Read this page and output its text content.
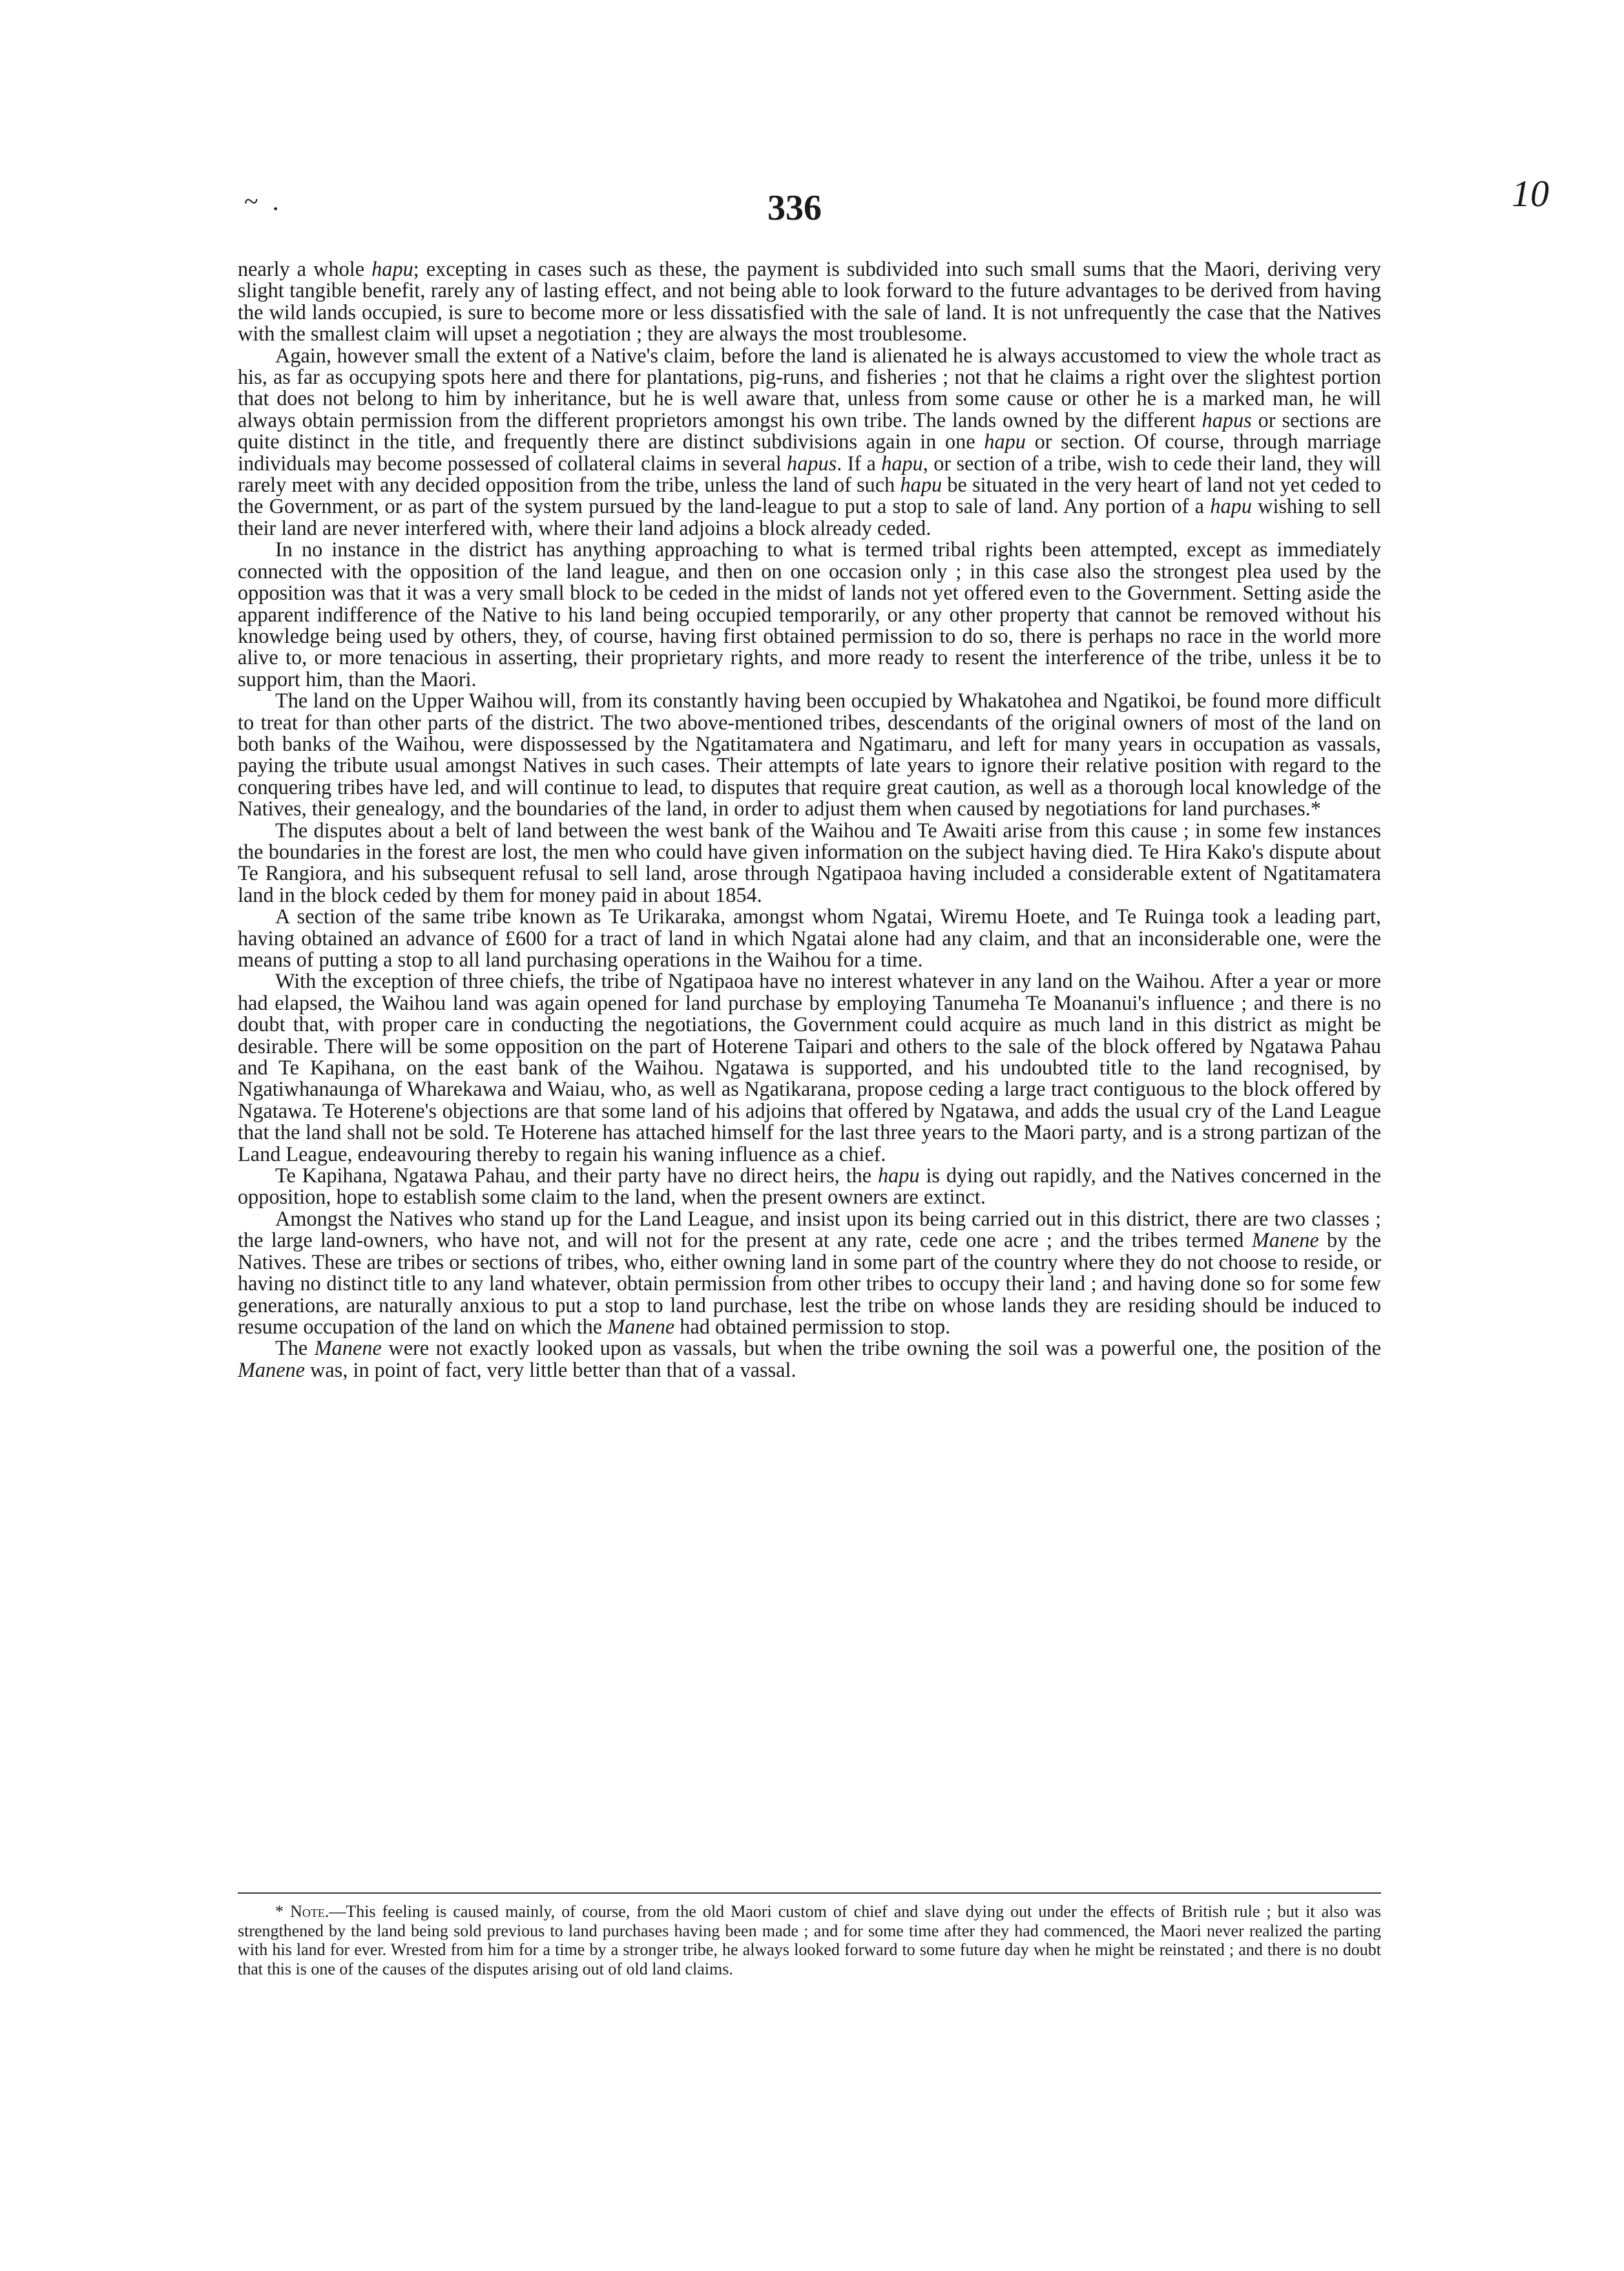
~ .	336	10

nearly a whole hapu; excepting in cases such as these, the payment is subdivided into such small sums that the Maori, deriving very slight tangible benefit, rarely any of lasting effect, and not being able to look forward to the future advantages to be derived from having the wild lands occupied, is sure to become more or less dissatisfied with the sale of land. It is not unfrequently the case that the Natives with the smallest claim will upset a negotiation ; they are always the most troublesome.

Again, however small the extent of a Native's claim, before the land is alienated he is always accustomed to view the whole tract as his, as far as occupying spots here and there for plantations, pig-runs, and fisheries ; not that he claims a right over the slightest portion that does not belong to him by inheritance, but he is well aware that, unless from some cause or other he is a marked man, he will always obtain permission from the different proprietors amongst his own tribe. The lands owned by the different hapus or sections are quite distinct in the title, and frequently there are distinct subdivisions again in one hapu or section. Of course, through marriage individuals may become possessed of collateral claims in several hapus. If a hapu, or section of a tribe, wish to cede their land, they will rarely meet with any decided opposition from the tribe, unless the land of such hapu be situated in the very heart of land not yet ceded to the Government, or as part of the system pursued by the land-league to put a stop to sale of land. Any portion of a hapu wishing to sell their land are never interfered with, where their land adjoins a block already ceded.

In no instance in the district has anything approaching to what is termed tribal rights been attempted, except as immediately connected with the opposition of the land league, and then on one occasion only ; in this case also the strongest plea used by the opposition was that it was a very small block to be ceded in the midst of lands not yet offered even to the Government. Setting aside the apparent indifference of the Native to his land being occupied temporarily, or any other property that cannot be removed without his knowledge being used by others, they, of course, having first obtained permission to do so, there is perhaps no race in the world more alive to, or more tenacious in asserting, their proprietary rights, and more ready to resent the interference of the tribe, unless it be to support him, than the Maori.

The land on the Upper Waihou will, from its constantly having been occupied by Whakatohea and Ngatikoi, be found more difficult to treat for than other parts of the district. The two above-mentioned tribes, descendants of the original owners of most of the land on both banks of the Waihou, were dispossessed by the Ngatitamatera and Ngatimaru, and left for many years in occupation as vassals, paying the tribute usual amongst Natives in such cases. Their attempts of late years to ignore their relative position with regard to the conquering tribes have led, and will continue to lead, to disputes that require great caution, as well as a thorough local knowledge of the Natives, their genealogy, and the boundaries of the land, in order to adjust them when caused by negotiations for land purchases.*

The disputes about a belt of land between the west bank of the Waihou and Te Awaiti arise from this cause ; in some few instances the boundaries in the forest are lost, the men who could have given information on the subject having died. Te Hira Kako's dispute about Te Rangiora, and his subsequent refusal to sell land, arose through Ngatipaoa having included a considerable extent of Ngatitamatera land in the block ceded by them for money paid in about 1854.

A section of the same tribe known as Te Urikaraka, amongst whom Ngatai, Wiremu Hoete, and Te Ruinga took a leading part, having obtained an advance of £600 for a tract of land in which Ngatai alone had any claim, and that an inconsiderable one, were the means of putting a stop to all land purchasing operations in the Waihou for a time.

With the exception of three chiefs, the tribe of Ngatipaoa have no interest whatever in any land on the Waihou. After a year or more had elapsed, the Waihou land was again opened for land purchase by employing Tanumeha Te Moananui's influence ; and there is no doubt that, with proper care in conducting the negotiations, the Government could acquire as much land in this district as might be desirable. There will be some opposition on the part of Hoterene Taipari and others to the sale of the block offered by Ngatawa Pahau and Te Kapihana, on the east bank of the Waihou. Ngatawa is supported, and his undoubted title to the land recognised, by Ngatiwhanaunga of Wharekawa and Waiau, who, as well as Ngatikarana, propose ceding a large tract contiguous to the block offered by Ngatawa. Te Hoterene's objections are that some land of his adjoins that offered by Ngatawa, and adds the usual cry of the Land League that the land shall not be sold. Te Hoterene has attached himself for the last three years to the Maori party, and is a strong partizan of the Land League, endeavouring thereby to regain his waning influence as a chief.

Te Kapihana, Ngatawa Pahau, and their party have no direct heirs, the hapu is dying out rapidly, and the Natives concerned in the opposition, hope to establish some claim to the land, when the present owners are extinct.

Amongst the Natives who stand up for the Land League, and insist upon its being carried out in this district, there are two classes ; the large land-owners, who have not, and will not for the present at any rate, cede one acre ; and the tribes termed Manene by the Natives. These are tribes or sections of tribes, who, either owning land in some part of the country where they do not choose to reside, or having no distinct title to any land whatever, obtain permission from other tribes to occupy their land ; and having done so for some few generations, are naturally anxious to put a stop to land purchase, lest the tribe on whose lands they are residing should be induced to resume occupation of the land on which the Manene had obtained permission to stop.

The Manene were not exactly looked upon as vassals, but when the tribe owning the soil was a powerful one, the position of the Manene was, in point of fact, very little better than that of a vassal.

* Note.—This feeling is caused mainly, of course, from the old Maori custom of chief and slave dying out under the effects of British rule ; but it also was strengthened by the land being sold previous to land purchases having been made ; and for some time after they had commenced, the Maori never realized the parting with his land for ever. Wrested from him for a time by a stronger tribe, he always looked forward to some future day when he might be reinstated ; and there is no doubt that this is one of the causes of the disputes arising out of old land claims.
